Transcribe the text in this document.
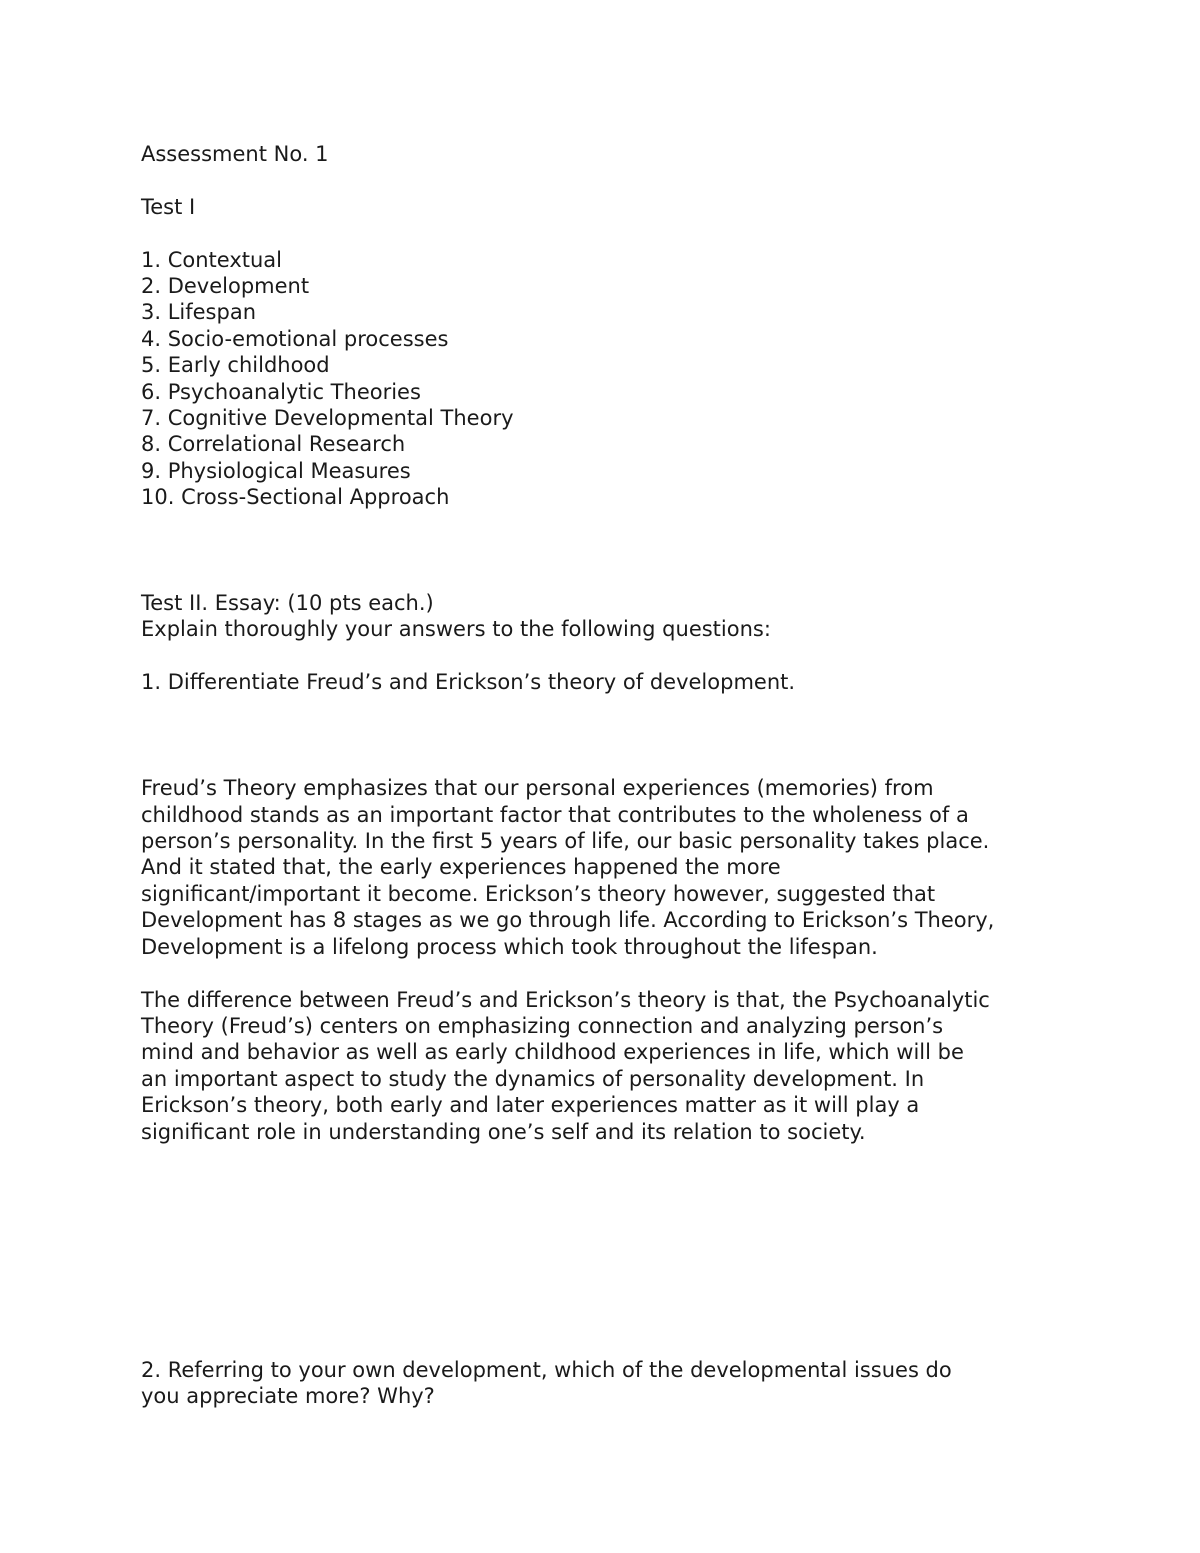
Assessment No. 1
Test I
1. Contextual
2. Development
3. Lifespan
4. Socio-emotional processes
5. Early childhood
6. Psychoanalytic Theories
7. Cognitive Developmental Theory
8. Correlational Research
9. Physiological Measures
10. Cross-Sectional Approach
Test II. Essay: (10 pts each.)
Explain thoroughly your answers to the following questions:
1. Differentiate Freud’s and Erickson’s theory of development.
Freud’s Theory emphasizes that our personal experiences (memories) from
childhood stands as an important factor that contributes to the wholeness of a
person’s personality. In the first 5 years of life, our basic personality takes place.
And it stated that, the early experiences happened the more
significant/important it become. Erickson’s theory however, suggested that
Development has 8 stages as we go through life. According to Erickson’s Theory,
Development is a lifelong process which took throughout the lifespan.
The difference between Freud’s and Erickson’s theory is that, the Psychoanalytic
Theory (Freud’s) centers on emphasizing connection and analyzing person’s
mind and behavior as well as early childhood experiences in life, which will be
an important aspect to study the dynamics of personality development. In
Erickson’s theory, both early and later experiences matter as it will play a
significant role in understanding one’s self and its relation to society.
2. Referring to your own development, which of the developmental issues do
you appreciate more? Why?
